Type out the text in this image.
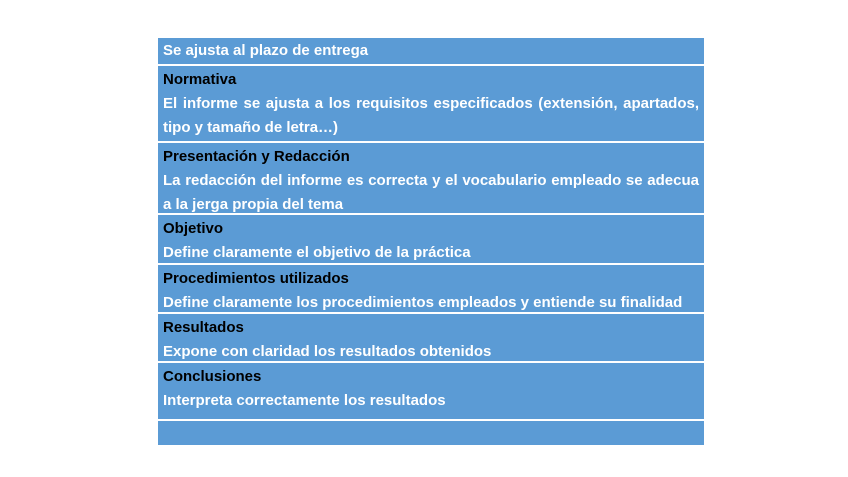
Se ajusta al plazo de entrega
Normativa
El informe se ajusta a los requisitos especificados (extensión, apartados, tipo y tamaño de letra…)
Presentación y Redacción
La redacción del informe es correcta y el vocabulario empleado se adecua a la jerga propia del tema
Objetivo
Define claramente el objetivo de la práctica
Procedimientos utilizados
Define claramente los procedimientos empleados y entiende su finalidad
Resultados
Expone con claridad los resultados obtenidos
Conclusiones
Interpreta correctamente los resultados
